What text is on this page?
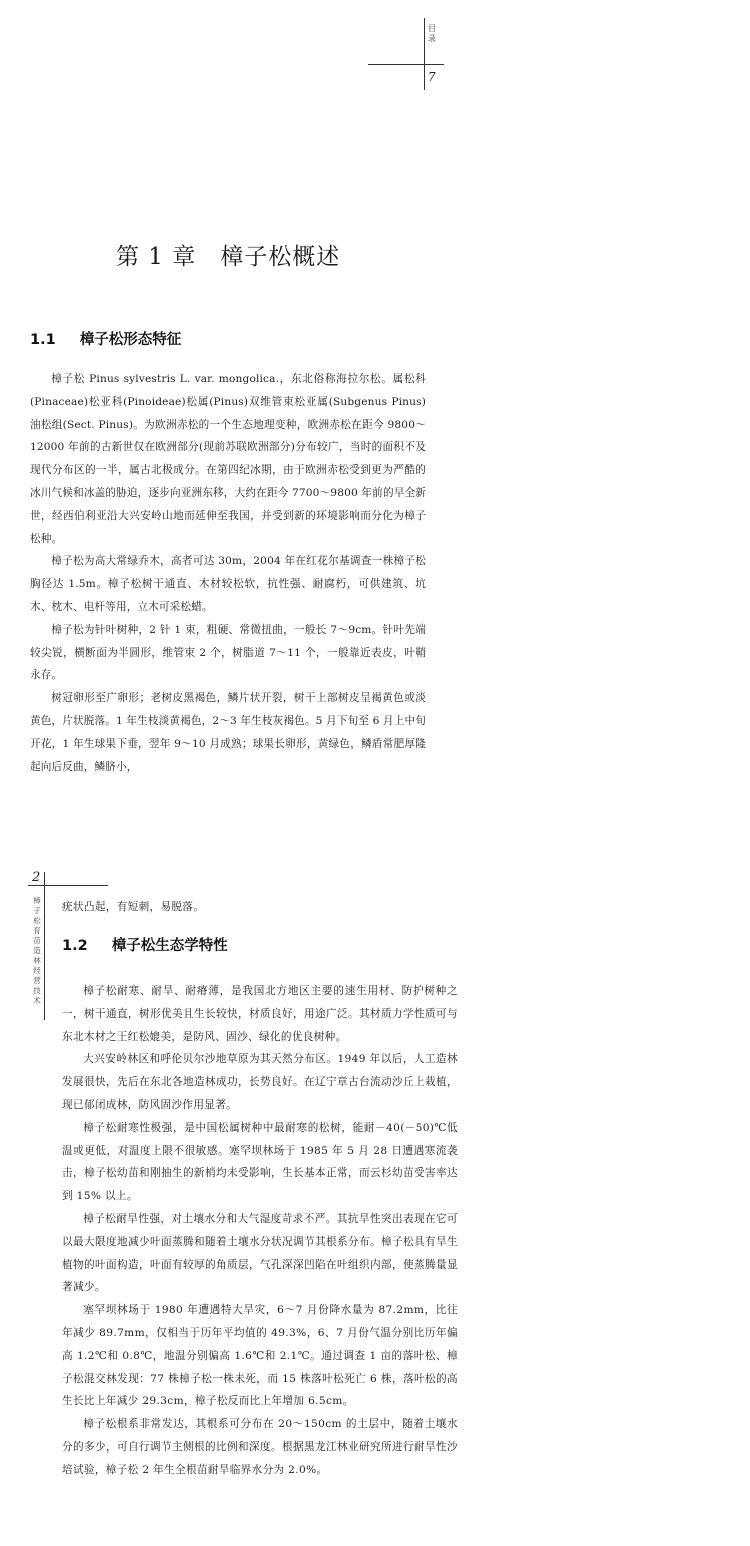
目 录
7
第 1 章　樟子松概述
1.1 樟子松形态特征

樟子松 Pinus sylvestris L. var. mongolica.，东北俗称海拉尔松。属松科(Pinaceae)松亚科(Pinoideae)松属(Pinus)双维管束松亚属(Subgenus Pinus)油松组(Sect. Pinus)。为欧洲赤松的一个生态地理变种，欧洲赤松在距今 9800～12000 年前的古新世仅在欧洲部分(现前苏联欧洲部分)分布较广，当时的面积不及现代分布区的一半，属古北极成分。在第四纪冰期，由于欧洲赤松受到更为严酷的冰川气候和冰盖的胁迫，逐步向亚洲东移，大约在距今 7700～9800 年前的早全新世，经西伯利亚沿大兴安岭山地而延伸至我国，并受到新的环境影响而分化为樟子松种。

樟子松为高大常绿乔木，高者可达 30m，2004 年在红花尔基调查一株樟子松胸径达 1.5m。樟子松树干通直、木材较松软，抗性强、耐腐朽，可供建筑、坑木、枕木、电杆等用，立木可采松蜡。

樟子松为针叶树种，2 针 1 束，粗硬、常微扭曲，一般长 7～9cm。针叶先端较尖锐，横断面为半圆形，维管束 2 个，树脂道 7～11 个，一般靠近表皮，叶鞘永存。

树冠卵形至广卵形；老树皮黑褐色，鳞片状开裂，树干上部树皮呈褐黄色或淡黄色，片状脱落。1 年生枝淡黄褐色，2～3 年生枝灰褐色。5 月下旬至 6 月上中旬开花，1 年生球果下垂，翌年 9～10 月成熟；球果长卵形，黄绿色，鳞盾常肥厚隆起向后反曲，鳞脐小，

2
樟子松育苗造林经营技术

疣状凸起，有短刺，易脱落。

1.2 樟子松生态学特性

樟子松耐寒、耐旱、耐瘠薄，是我国北方地区主要的速生用材、防护树种之一，树干通直，树形优美且生长较快，材质良好，用途广泛。其材质力学性质可与东北木材之王红松媲美，是防风、固沙、绿化的优良树种。

大兴安岭林区和呼伦贝尔沙地草原为其天然分布区。1949 年以后，人工造林发展很快，先后在东北各地造林成功，长势良好。在辽宁章古台流动沙丘上栽植，现已郁闭成林，防风固沙作用显著。

樟子松耐寒性极强，是中国松属树种中最耐寒的松树，能耐－40(－50)℃低温或更低，对温度上限不很敏感。塞罕坝林场于 1985 年 5 月 28 日遭遇寒流袭击，樟子松幼苗和刚抽生的新梢均未受影响，生长基本正常，而云杉幼苗受害率达到 15% 以上。

樟子松耐旱性强，对土壤水分和大气湿度苛求不严。其抗旱性突出表现在它可以最大限度地减少叶面蒸腾和随着土壤水分状况调节其根系分布。樟子松具有旱生植物的叶面构造，叶面有较厚的角质层，气孔深深凹陷在叶组织内部，使蒸腾量显著减少。

塞罕坝林场于 1980 年遭遇特大旱灾，6～7 月份降水量为 87.2mm，比往年减少 89.7mm，仅相当于历年平均值的 49.3%，6、7 月份气温分别比历年偏高 1.2℃和 0.8℃，地温分别偏高 1.6℃和 2.1℃。通过调查 1 亩的落叶松、樟子松混交林发现：77 株樟子松一株未死，而 15 株落叶松死亡 6 株，落叶松的高生长比上年减少 29.3cm，樟子松反而比上年增加 6.5cm。

樟子松根系非常发达，其根系可分布在 20～150cm 的土层中，随着土壤水分的多少，可自行调节主侧根的比例和深度。根据黑龙江林业研究所进行耐旱性沙培试验，樟子松 2 年生全根苗耐旱临界水分为 2.0%。
